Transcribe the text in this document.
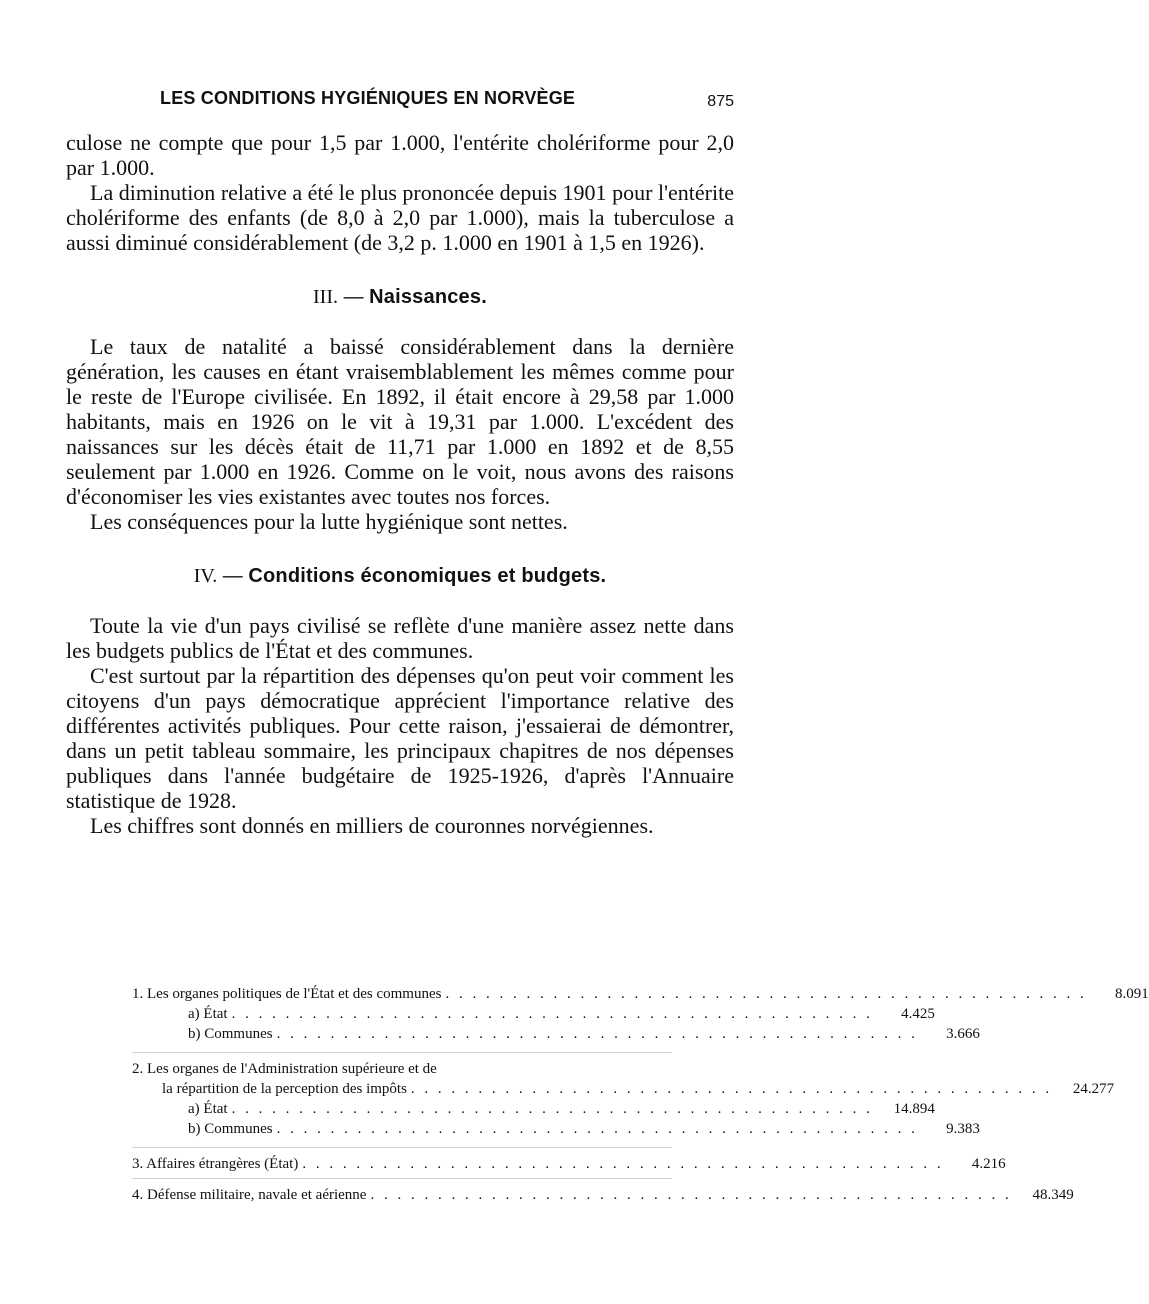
LES CONDITIONS HYGIÉNIQUES EN NORVÈGE	875

culose ne compte que pour 1,5 par 1.000, l'entérite cholériforme pour 2,0 par 1.000.

La diminution relative a été le plus prononcée depuis 1901 pour l'entérite chol​ériforme des enfants (de 8,0 à 2,0 par 1.000), mais la tuberculose a aussi diminué considérablement (de 3,2 p. 1.000 en 1901 à 1,5 en 1926).

III. — Naissances.

Le taux de natalité a baissé considérablement dans la dernière génération, les causes en étant vraisemblablement les mêmes comme pour le reste de l'Europe civilisée. En 1892, il était encore à 29,58 par 1.000 habitants, mais en 1926 on le vit à 19,31 par 1.000. L'excédent des naissances sur les décès était de 11,71 par 1.000 en 1892 et de 8,55 seulement par 1.000 en 1926. Comme on le voit, nous avons des raisons d'économiser les vies existantes avec toutes nos forces.

Les conséquences pour la lutte hygiénique sont nettes.

IV. — Conditions économiques et budgets.

Toute la vie d'un pays civilisé se reflète d'une manière assez nette dans les budgets publics de l'État et des communes.

C'est surtout par la répartition des dépenses qu'on peut voir comment les citoyens d'un pays démocratique apprécient l'importance relative des différentes activités publiques. Pour cette raison, j'essaierai de démontrer, dans un petit tableau sommaire, les principaux chapitres de nos dépenses publiques dans l'année budgétaire de 1925-1926, d'après l'Annuaire statistique de 1928.

Les chiffres sont donnés en milliers de couronnes norvégiennes.

1. Les organes politiques de l'État et des communes . . . . . . . . . . . . . . . . . . . . . . . . . . . . . . . . . . . . . . . . . . . . . . . .	8.091
a) État . . . . . . . . . . . . . . . . . . . . . . . . . . . . . . . . . . . . . . . . . . . . . . . .	4.425
b) Communes . . . . . . . . . . . . . . . . . . . . . . . . . . . . . . . . . . . . . . . . . . . . . . . .	3.666
2. Les organes de l'Administration supérieure et de
la répartition de la perception des impôts . . . . . . . . . . . . . . . . . . . . . . . . . . . . . . . . . . . . . . . . . . . . . . . .	24.277
a) État . . . . . . . . . . . . . . . . . . . . . . . . . . . . . . . . . . . . . . . . . . . . . . . .	14.894
b) Communes . . . . . . . . . . . . . . . . . . . . . . . . . . . . . . . . . . . . . . . . . . . . . . . .	9.383
3. Affaires étrangères (État) . . . . . . . . . . . . . . . . . . . . . . . . . . . . . . . . . . . . . . . . . . . . . . . .	4.216
4. Défense militaire, navale et aérienne . . . . . . . . . . . . . . . . . . . . . . . . . . . . . . . . . . . . . . . . . . . . . . . .	48.349
